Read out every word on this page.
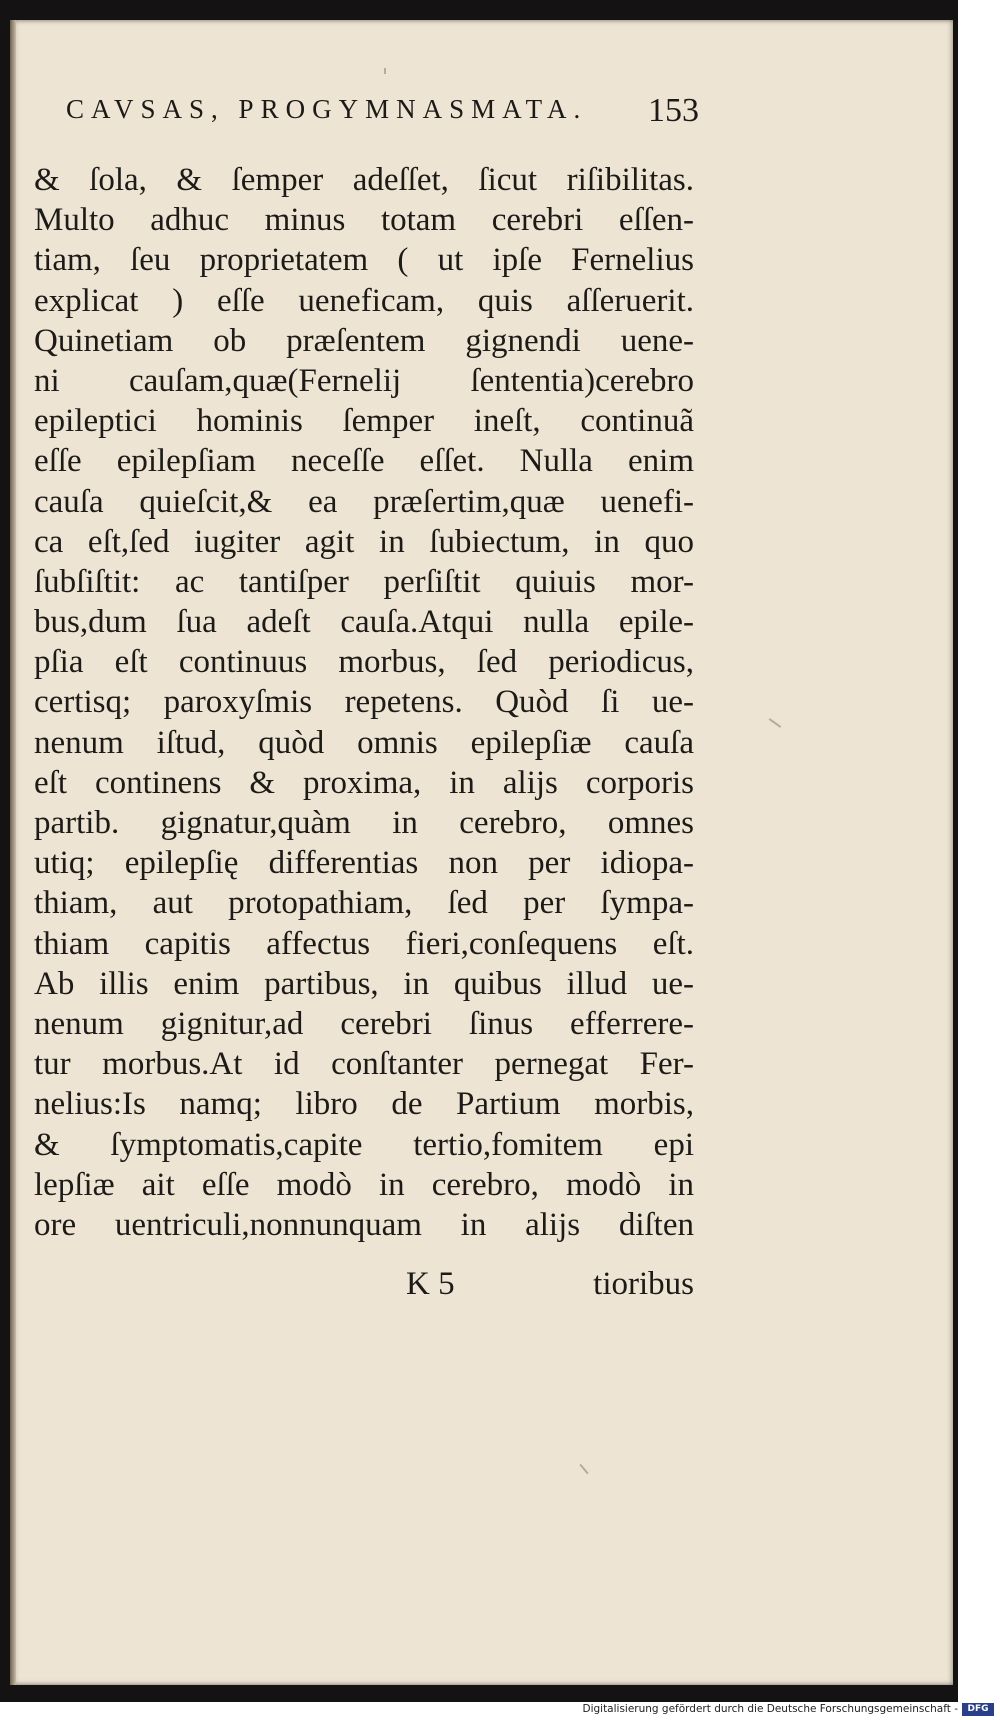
CAVSAS, PROGYMNASMATA.	153
& ſola, & ſemper adeſſet, ſicut riſibilitas.
Multo adhuc minus totam cerebri eſſen-
tiam, ſeu proprietatem ( ut ipſe Fernelius
explicat ) eſſe ueneficam, quis aſſeruerit.
Quinetiam ob præſentem gignendi uene-
ni cauſam,quæ(Fernelij ſententia)cerebro
epileptici hominis ſemper ineſt, continuã
eſſe epilepſiam neceſſe eſſet. Nulla enim
cauſa quieſcit,& ea præſertim,quæ uenefi-
ca eſt,ſed iugiter agit in ſubiectum, in quo
ſubſiſtit: ac tantiſper perſiſtit quiuis mor-
bus,dum ſua adeſt cauſa.Atqui nulla epile-
pſia eſt continuus morbus, ſed periodicus,
certisq; paroxyſmis repetens. Quòd ſi ue-
nenum iſtud, quòd omnis epilepſiæ cauſa
eſt continens & proxima, in alijs corporis
partib. gignatur,quàm in cerebro, omnes
utiq; epilepſię differentias non per idiopa-
thiam, aut protopathiam, ſed per ſympa-
thiam capitis affectus fieri,conſequens eſt.
Ab illis enim partibus, in quibus illud ue-
nenum gignitur,ad cerebri ſinus efferrere-
tur morbus.At id conſtanter pernegat Fer-
nelius:Is namq; libro de Partium morbis,
& ſymptomatis,capite tertio,fomitem epi
lepſiæ ait eſſe modò in cerebro, modò in
ore uentriculi,nonnunquam in alijs diſten
K 5	tioribus
Digitalisierung gefördert durch die Deutsche Forschungsgemeinschaft -	DFG
